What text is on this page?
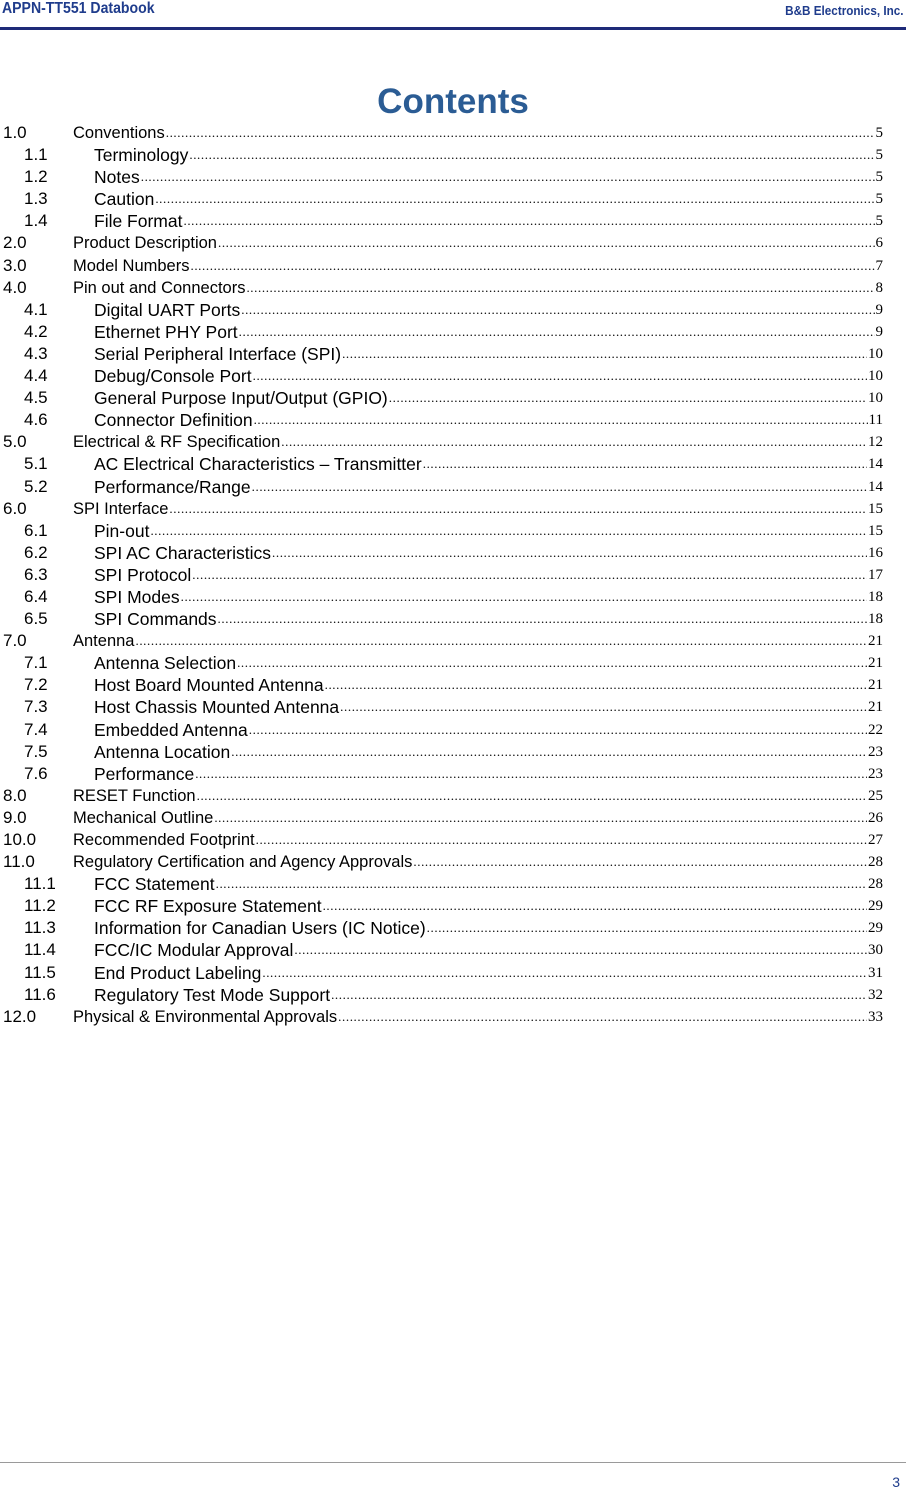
APPN-TT551 Databook	B&B Electronics, Inc.
Contents
1.0	Conventions .....	5
1.1	Terminology .....	5
1.2	Notes .....	5
1.3	Caution .....	5
1.4	File Format .....	5
2.0	Product Description .....	6
3.0	Model Numbers .....	7
4.0	Pin out and Connectors .....	8
4.1	Digital UART Ports .....	9
4.2	Ethernet PHY Port .....	9
4.3	Serial Peripheral Interface (SPI) .....	10
4.4	Debug/Console Port .....	10
4.5	General Purpose Input/Output (GPIO) .....	10
4.6	Connector Definition .....	11
5.0	Electrical & RF Specification .....	12
5.1	AC Electrical Characteristics – Transmitter .....	14
5.2	Performance/Range .....	14
6.0	SPI Interface .....	15
6.1	Pin-out .....	15
6.2	SPI AC Characteristics .....	16
6.3	SPI Protocol .....	17
6.4	SPI Modes .....	18
6.5	SPI Commands .....	18
7.0	Antenna .....	21
7.1	Antenna Selection .....	21
7.2	Host Board Mounted Antenna .....	21
7.3	Host Chassis Mounted Antenna .....	21
7.4	Embedded Antenna .....	22
7.5	Antenna Location .....	23
7.6	Performance .....	23
8.0	RESET Function .....	25
9.0	Mechanical Outline .....	26
10.0 Recommended Footprint .....	27
11.0 Regulatory Certification and Agency Approvals .....	28
11.1 FCC Statement .....	28
11.2 FCC RF Exposure Statement .....	29
11.3 Information for Canadian Users (IC Notice) .....	29
11.4 FCC/IC Modular Approval .....	30
11.5 End Product Labeling .....	31
11.6 Regulatory Test Mode Support .....	32
12.0 Physical & Environmental Approvals .....	33
3
